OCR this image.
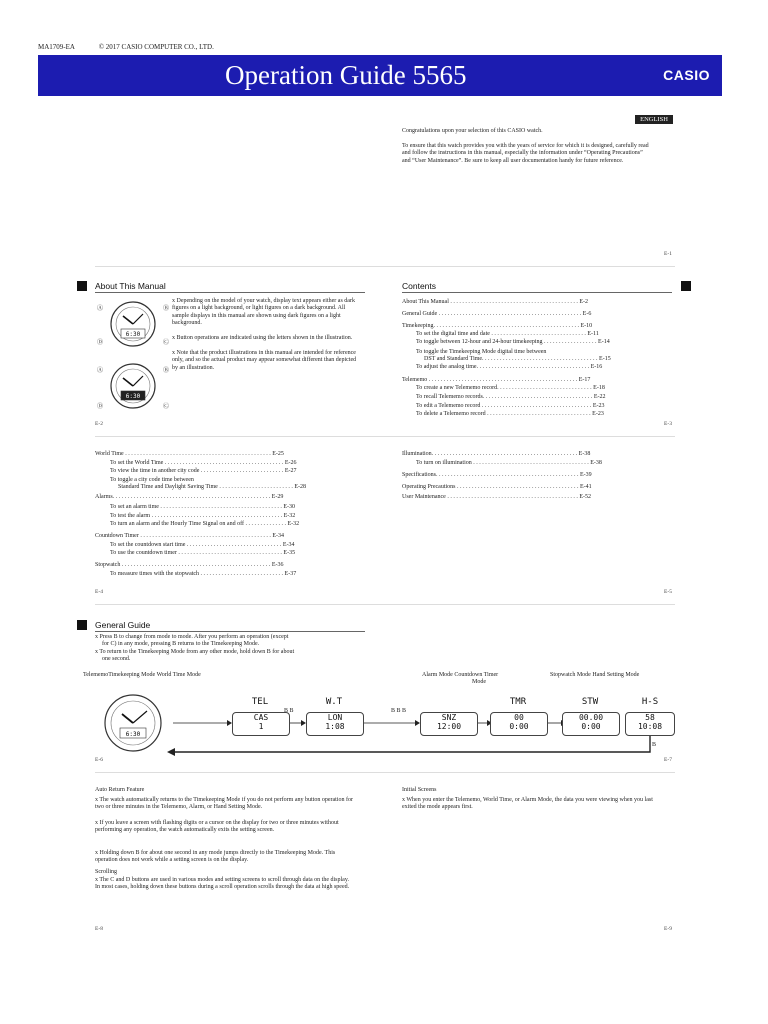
MA1709-EA	© 2017 CASIO COMPUTER CO., LTD.
Operation Guide 5565	CASIO
ENGLISH
Congratulations upon your selection of this CASIO watch.
To ensure that this watch provides you with the years of service for which it is designed, carefully read and follow the instructions in this manual, especially the information under “Operating Precautions” and “User Maintenance”. Be sure to keep all user documentation handy for future reference.
E-1
About This Manual
6:30
Ⓐ	Ⓑ
Ⓓ	Ⓒ
6:30
Ⓐ	Ⓑ
Ⓓ	Ⓒ
x Depending on the model of your watch, display text appears either as dark figures on a light background, or light figures on a dark background. All sample displays in this manual are shown using dark figures on a light background.
x Button operations are indicated using the letters shown in the illustration.
x Note that the product illustrations in this manual are intended for reference only, and so the actual product may appear somewhat different than depicted by an illustration.
E-2
Contents
About This Manual . . . . . . . . . . . . . . . . . . . . . . . . . . . . . . . . . . . . . . . . . . . E-2
General Guide . . . . . . . . . . . . . . . . . . . . . . . . . . . . . . . . . . . . . . . . . . . . . . . . E-6
Timekeeping. . . . . . . . . . . . . . . . . . . . . . . . . . . . . . . . . . . . . . . . . . . . . . . . . E-10
To set the digital time and date . . . . . . . . . . . . . . . . . . . . . . . . . . . . . . . . E-11
To toggle between 12-hour and 24-hour timekeeping . . . . . . . . . . . . . . . . . . E-14
To toggle the Timekeeping Mode digital time between
DST and Standard Time. . . . . . . . . . . . . . . . . . . . . . . . . . . . . . . . . . . . . . . E-15
To adjust the analog time. . . . . . . . . . . . . . . . . . . . . . . . . . . . . . . . . . . . . . E-16
Telememo . . . . . . . . . . . . . . . . . . . . . . . . . . . . . . . . . . . . . . . . . . . . . . . . . . E-17
To create a new Telememo record. . . . . . . . . . . . . . . . . . . . . . . . . . . . . . . . E-18
To recall Telememo records. . . . . . . . . . . . . . . . . . . . . . . . . . . . . . . . . . . . . E-22
To edit a Telememo record . . . . . . . . . . . . . . . . . . . . . . . . . . . . . . . . . . . . . E-23
To delete a Telememo record . . . . . . . . . . . . . . . . . . . . . . . . . . . . . . . . . . . E-23
E-3
World Time . . . . . . . . . . . . . . . . . . . . . . . . . . . . . . . . . . . . . . . . . . . . . . . . . E-25
To set the World Time . . . . . . . . . . . . . . . . . . . . . . . . . . . . . . . . . . . . . . . . E-26
To view the time in another city code . . . . . . . . . . . . . . . . . . . . . . . . . . . . E-27
To toggle a city code time between
Standard Time and Daylight Saving Time . . . . . . . . . . . . . . . . . . . . . . . . . E-28
Alarms. . . . . . . . . . . . . . . . . . . . . . . . . . . . . . . . . . . . . . . . . . . . . . . . . . . . . E-29
To set an alarm time . . . . . . . . . . . . . . . . . . . . . . . . . . . . . . . . . . . . . . . . . E-30
To test the alarm . . . . . . . . . . . . . . . . . . . . . . . . . . . . . . . . . . . . . . . . . . . . E-32
To turn an alarm and the Hourly Time Signal on and off . . . . . . . . . . . . . . E-32
Countdown Timer . . . . . . . . . . . . . . . . . . . . . . . . . . . . . . . . . . . . . . . . . . . . E-34
To set the countdown start time . . . . . . . . . . . . . . . . . . . . . . . . . . . . . . . . E-34
To use the countdown timer . . . . . . . . . . . . . . . . . . . . . . . . . . . . . . . . . . . E-35
Stopwatch . . . . . . . . . . . . . . . . . . . . . . . . . . . . . . . . . . . . . . . . . . . . . . . . . . E-36
To measure times with the stopwatch . . . . . . . . . . . . . . . . . . . . . . . . . . . . E-37
Illumination. . . . . . . . . . . . . . . . . . . . . . . . . . . . . . . . . . . . . . . . . . . . . . . . . E-38
To turn on illumination . . . . . . . . . . . . . . . . . . . . . . . . . . . . . . . . . . . . . . . E-38
Specifications. . . . . . . . . . . . . . . . . . . . . . . . . . . . . . . . . . . . . . . . . . . . . . . . E-39
Operating Precautions . . . . . . . . . . . . . . . . . . . . . . . . . . . . . . . . . . . . . . . . . E-41
User Maintenance . . . . . . . . . . . . . . . . . . . . . . . . . . . . . . . . . . . . . . . . . . . . E-52
E-4	E-5
General Guide
x Press B to change from mode to mode. After you perform an operation (except
for C) in any mode, pressing B returns to the Timekeeping Mode.
x To return to the Timekeeping Mode from any other mode, hold down B for about
one second.
TelememoTimekeeping Mode World Time Mode	Alarm Mode Countdown Timer
Mode
Stopwatch Mode Hand Setting Mode
6:30
TEL
CAS
1
B B
W.T
LON
1:08
B B B
SNZ
12:00
TMR
00
0:00
STW
00.00
0:00
H-S
58
10:08
B
E-6	E-7
Auto Return Feature
x The watch automatically returns to the Timekeeping Mode if you do not perform any button operation for two or three minutes in the Telememo, Alarm, or Hand Setting Mode.
x If you leave a screen with flashing digits or a cursor on the display for two or three minutes without performing any operation, the watch automatically exits the setting screen.
x Holding down B for about one second in any mode jumps directly to the Timekeeping Mode. This operation does not work while a setting screen is on the display.
Scrolling
x The C and D buttons are used in various modes and setting screens to scroll through data on the display. In most cases, holding down these buttons during a scroll operation scrolls through the data at high speed.
Initial Screens
x When you enter the Telememo, World Time, or Alarm Mode, the data you were viewing when you last exited the mode appears first.
E-8	E-9
